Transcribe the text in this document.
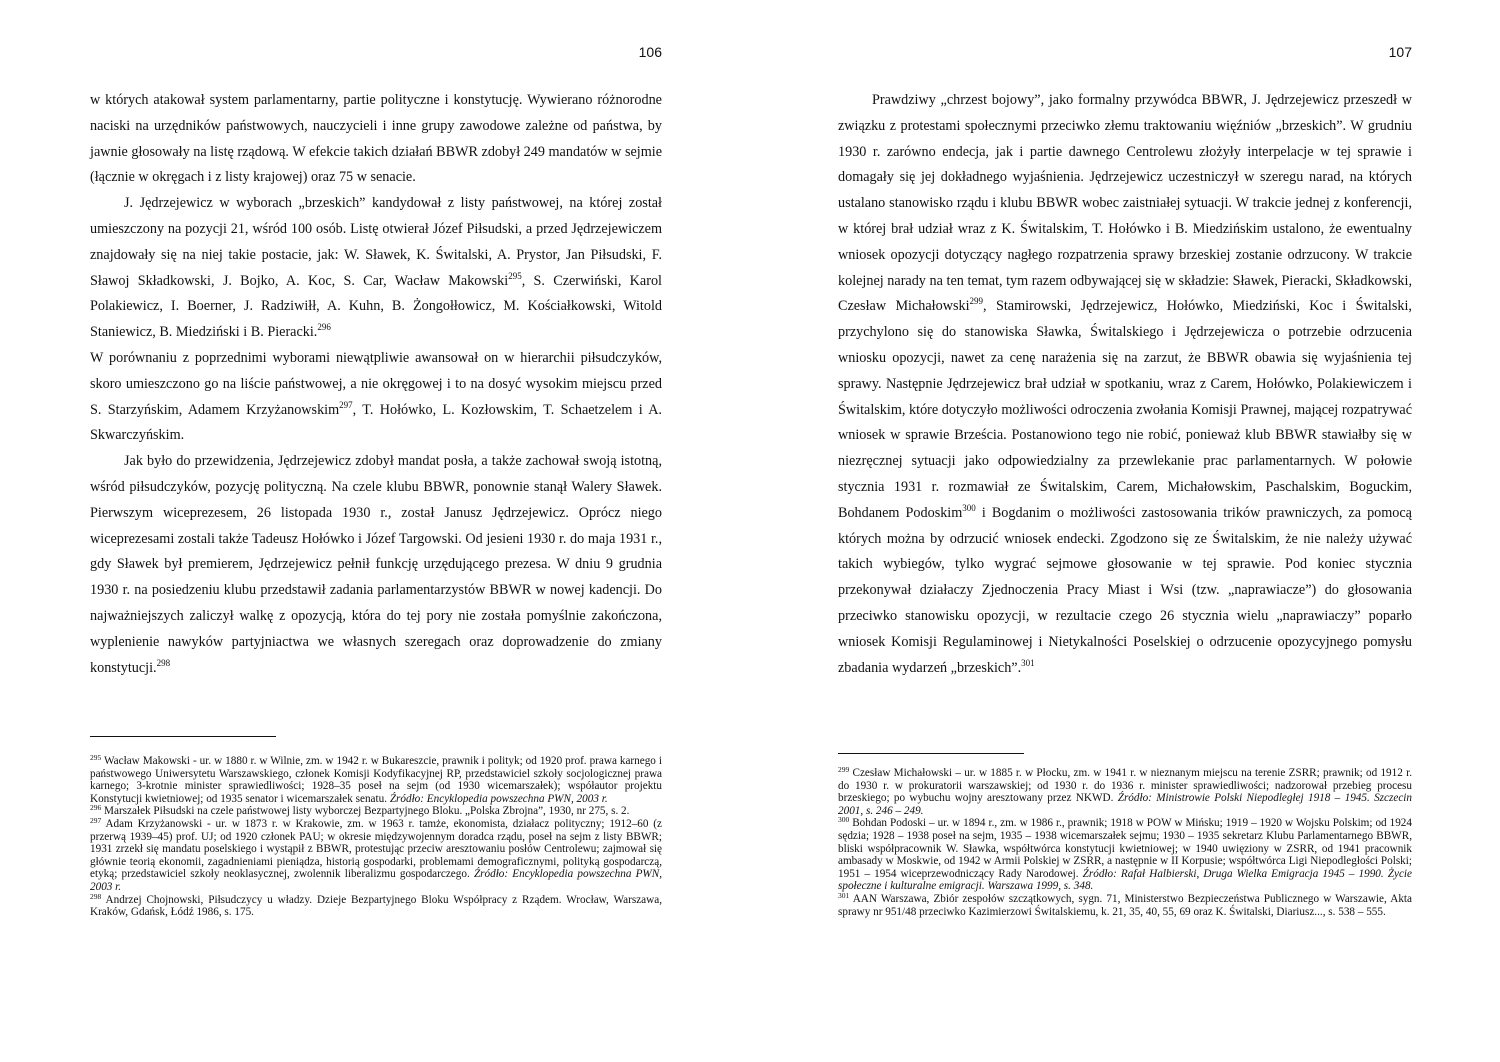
106

w których atakował system parlamentarny, partie polityczne i konstytucję. Wywierano różnorodne naciski na urzędników państwowych, nauczycieli i inne grupy zawodowe zależne od państwa, by jawnie głosowały na listę rządową. W efekcie takich działań BBWR zdobył 249 mandatów w sejmie (łącznie w okręgach i z listy krajowej) oraz 75 w senacie.

J. Jędrzejewicz w wyborach „brzeskich” kandydował z listy państwowej, na której został umieszczony na pozycji 21, wśród 100 osób. Listę otwierał Józef Piłsudski, a przed Jędrzejewiczem znajdowały się na niej takie postacie, jak: W. Sławek, K. Świtalski, A. Prystor, Jan Piłsudski, F. Sławoj Składkowski, J. Bojko, A. Koc, S. Car, Wacław Makowski$^{295}$, S. Czerwiński, Karol Polakiewicz, I. Boerner, J. Radziwiłł, A. Kuhn, B. Żongołłowicz, M. Kościałkowski, Witold Staniewicz, B. Miedziński i B. Pieracki.$^{296}$

W porównaniu z poprzednimi wyborami niewątpliwie awansował on w hierarchii piłsudczyków, skoro umieszczono go na liście państwowej, a nie okręgowej i to na dosyć wysokim miejscu przed S. Starzyńskim, Adamem Krzyżanowskim$^{297}$, T. Hołówko, L. Kozłowskim, T. Schaetzelem i A. Skwarczyńskim.

Jak było do przewidzenia, Jędrzejewicz zdobył mandat posła, a także zachował swoją istotną, wśród piłsudczyków, pozycję polityczną. Na czele klubu BBWR, ponownie stanął Walery Sławek. Pierwszym wiceprezesem, 26 listopada 1930 r., został Janusz Jędrzejewicz. Oprócz niego wiceprezesami zostali także Tadeusz Hołówko i Józef Targowski. Od jesieni 1930 r. do maja 1931 r., gdy Sławek był premierem, Jędrzejewicz pełnił funkcję urzędującego prezesa. W dniu 9 grudnia 1930 r. na posiedzeniu klubu przedstawił zadania parlamentarzystów BBWR w nowej kadencji. Do najważniejszych zaliczył walkę z opozycją, która do tej pory nie została pomyślnie zakończona, wyplenienie nawyków partyjniactwa we własnych szeregach oraz doprowadzenie do zmiany konstytucji.$^{298}$

$^{295}$ Wacław Makowski - ur. w 1880 r. w Wilnie, zm. w 1942 r. w Bukareszcie, prawnik i polityk; od 1920 prof. prawa karnego i państwowego Uniwersytetu Warszawskiego, członek Komisji Kodyfikacyjnej RP, przedstawiciel szkoły socjologicznej prawa karnego; 3-krotnie minister sprawiedliwości; 1928–35 poseł na sejm (od 1930 wicemarszałek); współautor projektu Konstytucji kwietniowej; od 1935 senator i wicemarszałek senatu. Źródło: Encyklopedia powszechna PWN, 2003 r.

$^{296}$ Marszałek Piłsudski na czele państwowej listy wyborczej Bezpartyjnego Bloku. „Polska Zbrojna”, 1930, nr 275, s. 2.

$^{297}$ Adam Krzyżanowski - ur. w 1873 r. w Krakowie, zm. w 1963 r. tamże, ekonomista, działacz polityczny; 1912–60 (z przerwą 1939–45) prof. UJ; od 1920 członek PAU; w okresie międzywojennym doradca rządu, poseł na sejm z listy BBWR; 1931 zrzekł się mandatu poselskiego i wystąpił z BBWR, protestując przeciw aresztowaniu posłów Centrolewu; zajmował się głównie teorią ekonomii, zagadnieniami pieniądza, historią gospodarki, problemami demograficznymi, polityką gospodarczą, etyką; przedstawiciel szkoły neoklasycznej, zwolennik liberalizmu gospodarczego. Źródło: Encyklopedia powszechna PWN, 2003 r.

$^{298}$ Andrzej Chojnowski, Piłsudczycy u władzy. Dzieje Bezpartyjnego Bloku Współpracy z Rządem. Wrocław, Warszawa, Kraków, Gdańsk, Łódź 1986, s. 175.

107

Prawdziwy „chrzest bojowy”, jako formalny przywódca BBWR, J. Jędrzejewicz przeszedł w związku z protestami społecznymi przeciwko złemu traktowaniu więźniów „brzeskich”. W grudniu 1930 r. zarówno endecja, jak i partie dawnego Centrolewu złożyły interpelacje w tej sprawie i domagały się jej dokładnego wyjaśnienia. Jędrzejewicz uczestniczył w szeregu narad, na których ustalano stanowisko rządu i klubu BBWR wobec zaistniałej sytuacji. W trakcie jednej z konferencji, w której brał udział wraz z K. Świtalskim, T. Hołówko i B. Miedzińskim ustalono, że ewentualny wniosek opozycji dotyczący nagłego rozpatrzenia sprawy brzeskiej zostanie odrzucony. W trakcie kolejnej narady na ten temat, tym razem odbywającej się w składzie: Sławek, Pieracki, Składkowski, Czesław Michałowski$^{299}$, Stamirowski, Jędrzejewicz, Hołówko, Miedziński, Koc i Świtalski, przychylono się do stanowiska Sławka, Świtalskiego i Jędrzejewicza o potrzebie odrzucenia wniosku opozycji, nawet za cenę narażenia się na zarzut, że BBWR obawia się wyjaśnienia tej sprawy. Następnie Jędrzejewicz brał udział w spotkaniu, wraz z Carem, Hołówko, Polakiewiczem i Świtalskim, które dotyczyło możliwości odroczenia zwołania Komisji Prawnej, mającej rozpatrywać wniosek w sprawie Brześcia. Postanowiono tego nie robić, ponieważ klub BBWR stawiałby się w niezręcznej sytuacji jako odpowiedzialny za przewlekanie prac parlamentarnych. W połowie stycznia 1931 r. rozmawiał ze Świtalskim, Carem, Michałowskim, Paschalskim, Boguckim, Bohdanem Podoskim$^{300}$ i Bogdanim o możliwości zastosowania trików prawniczych, za pomocą których można by odrzucić wniosek endecki. Zgodzono się ze Świtalskim, że nie należy używać takich wybiegów, tylko wygrać sejmowe głosowanie w tej sprawie. Pod koniec stycznia przekonywał działaczy Zjednoczenia Pracy Miast i Wsi (tzw. „naprawiacze”) do głosowania przeciwko stanowisku opozycji, w rezultacie czego 26 stycznia wielu „naprawiaczy” poparło wniosek Komisji Regulaminowej i Nietykalności Poselskiej o odrzucenie opozycyjnego pomysłu zbadania wydarzeń „brzeskich”.$^{301}$

$^{299}$ Czesław Michałowski – ur. w 1885 r. w Płocku, zm. w 1941 r. w nieznanym miejscu na terenie ZSRR; prawnik; od 1912 r. do 1930 r. w prokuratorii warszawskiej; od 1930 r. do 1936 r. minister sprawiedliwości; nadzorował przebieg procesu brzeskiego; po wybuchu wojny aresztowany przez NKWD. Źródło: Ministrowie Polski Niepodległej 1918 – 1945. Szczecin 2001, s. 246 – 249.

$^{300}$ Bohdan Podoski – ur. w 1894 r., zm. w 1986 r., prawnik; 1918 w POW w Mińsku; 1919 – 1920 w Wojsku Polskim; od 1924 sędzia; 1928 – 1938 poseł na sejm, 1935 – 1938 wicemarszałek sejmu; 1930 – 1935 sekretarz Klubu Parlamentarnego BBWR, bliski współpracownik W. Sławka, współtwórca konstytucji kwietniowej; w 1940 uwięziony w ZSRR, od 1941 pracownik ambasady w Moskwie, od 1942 w Armii Polskiej w ZSRR, a następnie w II Korpusie; współtwórca Ligi Niepodległości Polski; 1951 – 1954 wiceprzewodniczący Rady Narodowej. Źródło: Rafał Halbierski, Druga Wielka Emigracja 1945 – 1990. Życie społeczne i kulturalne emigracji. Warszawa 1999, s. 348.

$^{301}$ AAN Warszawa, Zbiór zespołów szczątkowych, sygn. 71, Ministerstwo Bezpieczeństwa Publicznego w Warszawie, Akta sprawy nr 951/48 przeciwko Kazimierzowi Świtalskiemu, k. 21, 35, 40, 55, 69 oraz K. Świtalski, Diariusz..., s. 538 – 555.
